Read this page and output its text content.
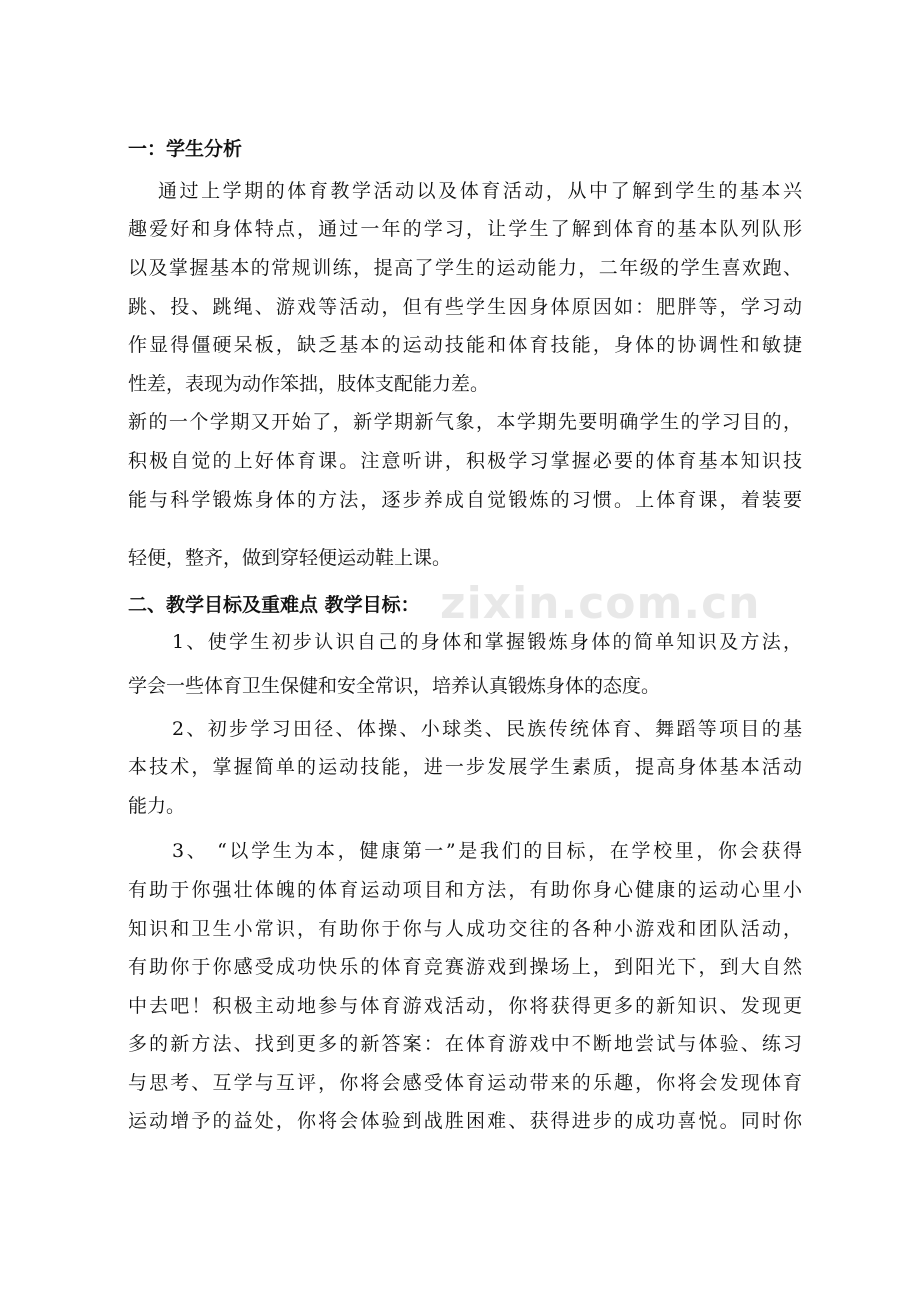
zixin.com.cn
一：学生分析
通过上学期的体育教学活动以及体育活动，从中了解到学生的基本兴
趣爱好和身体特点，通过一年的学习，让学生了解到体育的基本队列队形
以及掌握基本的常规训练，提高了学生的运动能力，二年级的学生喜欢跑、
跳、投、跳绳、游戏等活动，但有些学生因身体原因如：肥胖等，学习动
作显得僵硬呆板，缺乏基本的运动技能和体育技能，身体的协调性和敏捷
性差，表现为动作笨拙，肢体支配能力差。
新的一个学期又开始了，新学期新气象，本学期先要明确学生的学习目的，
积极自觉的上好体育课。注意听讲，积极学习掌握必要的体育基本知识技
能与科学锻炼身体的方法，逐步养成自觉锻炼的习惯。上体育课，着装要
轻便，整齐，做到穿轻便运动鞋上课。
二、教学目标及重难点 教学目标：
1、使学生初步认识自己的身体和掌握锻炼身体的简单知识及方法，
学会一些体育卫生保健和安全常识，培养认真锻炼身体的态度。
2、初步学习田径、体操、小球类、民族传统体育、舞蹈等项目的基
本技术，掌握简单的运动技能，进一步发展学生素质，提高身体基本活动
能力。
3、 “以学生为本，健康第一”是我们的目标，在学校里，你会获得
有助于你强壮体魄的体育运动项目和方法，有助你身心健康的运动心里小
知识和卫生小常识，有助你于你与人成功交往的各种小游戏和团队活动，
有助你于你感受成功快乐的体育竞赛游戏到操场上，到阳光下，到大自然
中去吧！积极主动地参与体育游戏活动，你将获得更多的新知识、发现更
多的新方法、找到更多的新答案：在体育游戏中不断地尝试与体验、练习
与思考、互学与互评，你将会感受体育运动带来的乐趣，你将会发现体育
运动增予的益处，你将会体验到战胜困难、获得进步的成功喜悦。同时你
